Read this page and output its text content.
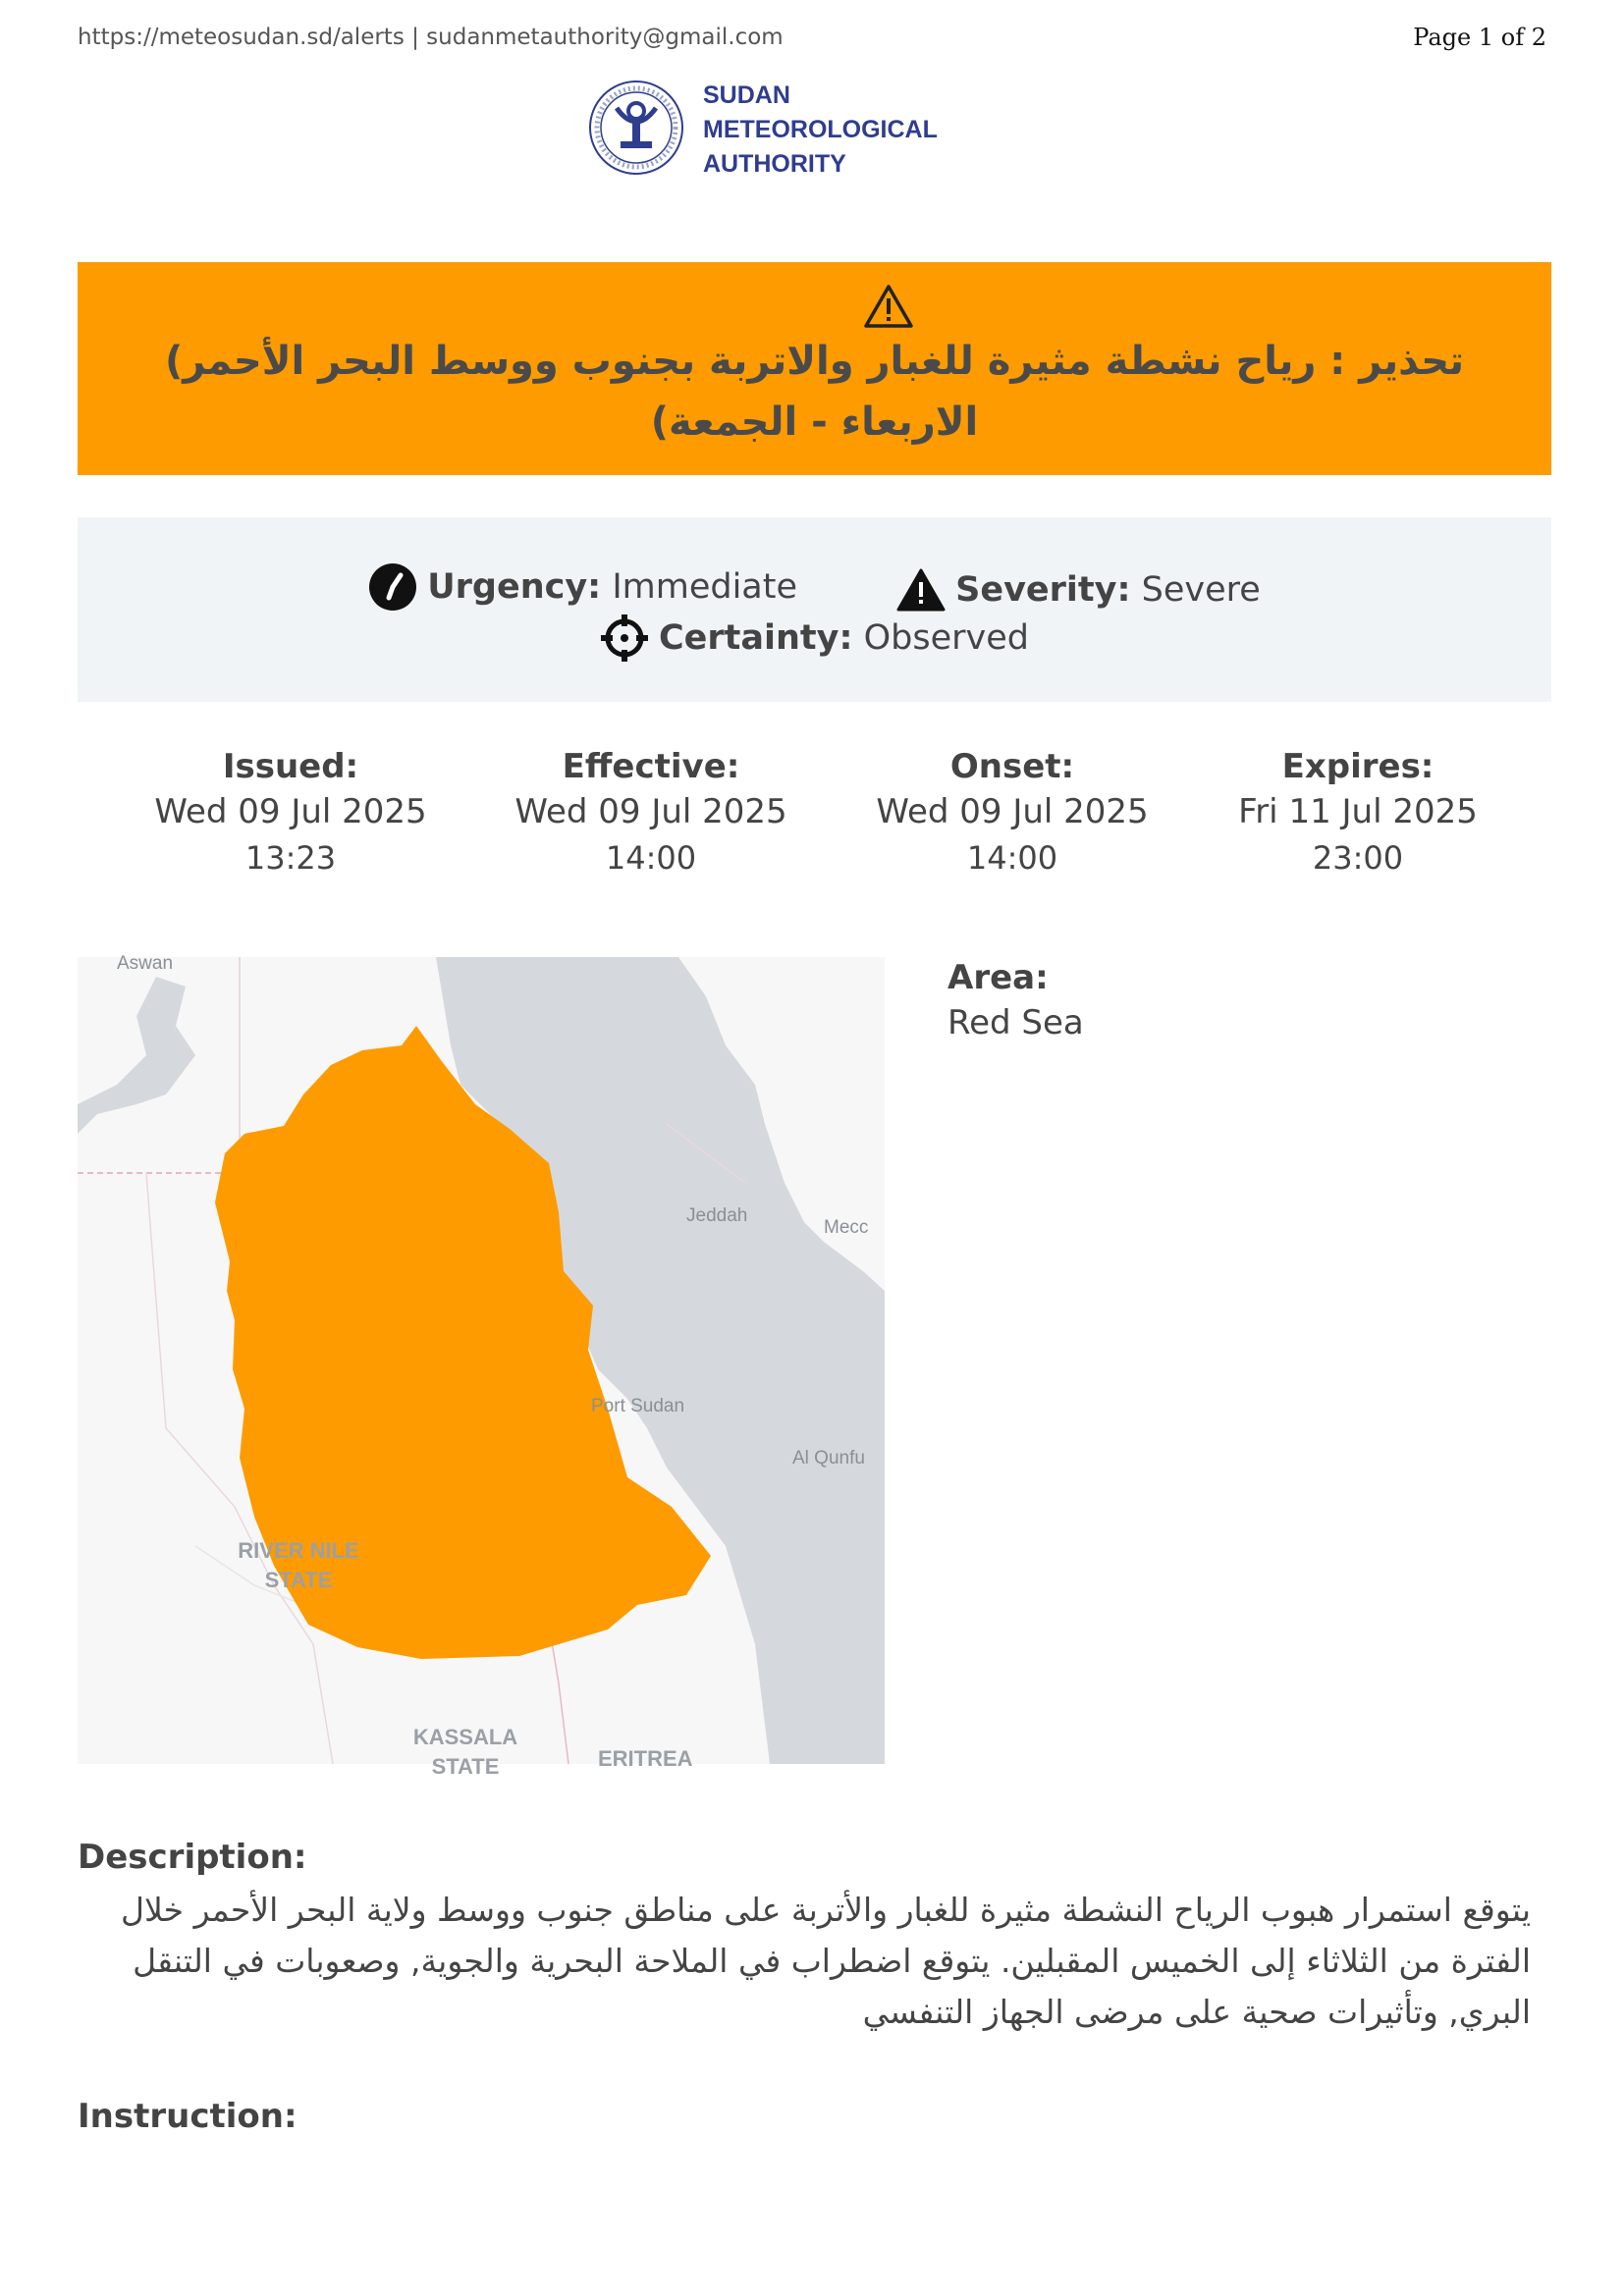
https://meteosudan.sd/alerts | sudanmetauthority@gmail.com	Page 1 of 2
SUDAN
METEOROLOGICAL
AUTHORITY
تحذير : رياح نشطة مثيرة للغبار والاتربة بجنوب ووسط البحر الأحمر) الاربعاء - الجمعة)
Urgency:
Immediate
	Severity:
Severe
Certainty:
Observed
Issued:
Wed 09 Jul 2025
13:23
Effective:
Wed 09 Jul 2025
14:00
Onset:
Wed 09 Jul 2025
14:00
Expires:
Fri 11 Jul 2025
23:00
Aswan
Jeddah
Mecc
Port Sudan
Al Qunfu
RIVER NILE STATE
KASSALA STATE	ERITREA
Area:
Red Sea
Description:
يتوقع استمرار هبوب الرياح النشطة مثيرة للغبار والأتربة على مناطق جنوب ووسط ولاية البحر الأحمر خلال الفترة من الثلاثاء إلى الخميس المقبلين. يتوقع اضطراب في الملاحة البحرية والجوية, وصعوبات في التنقل البري, وتأثيرات صحية على مرضى الجهاز التنفسي
Instruction:
